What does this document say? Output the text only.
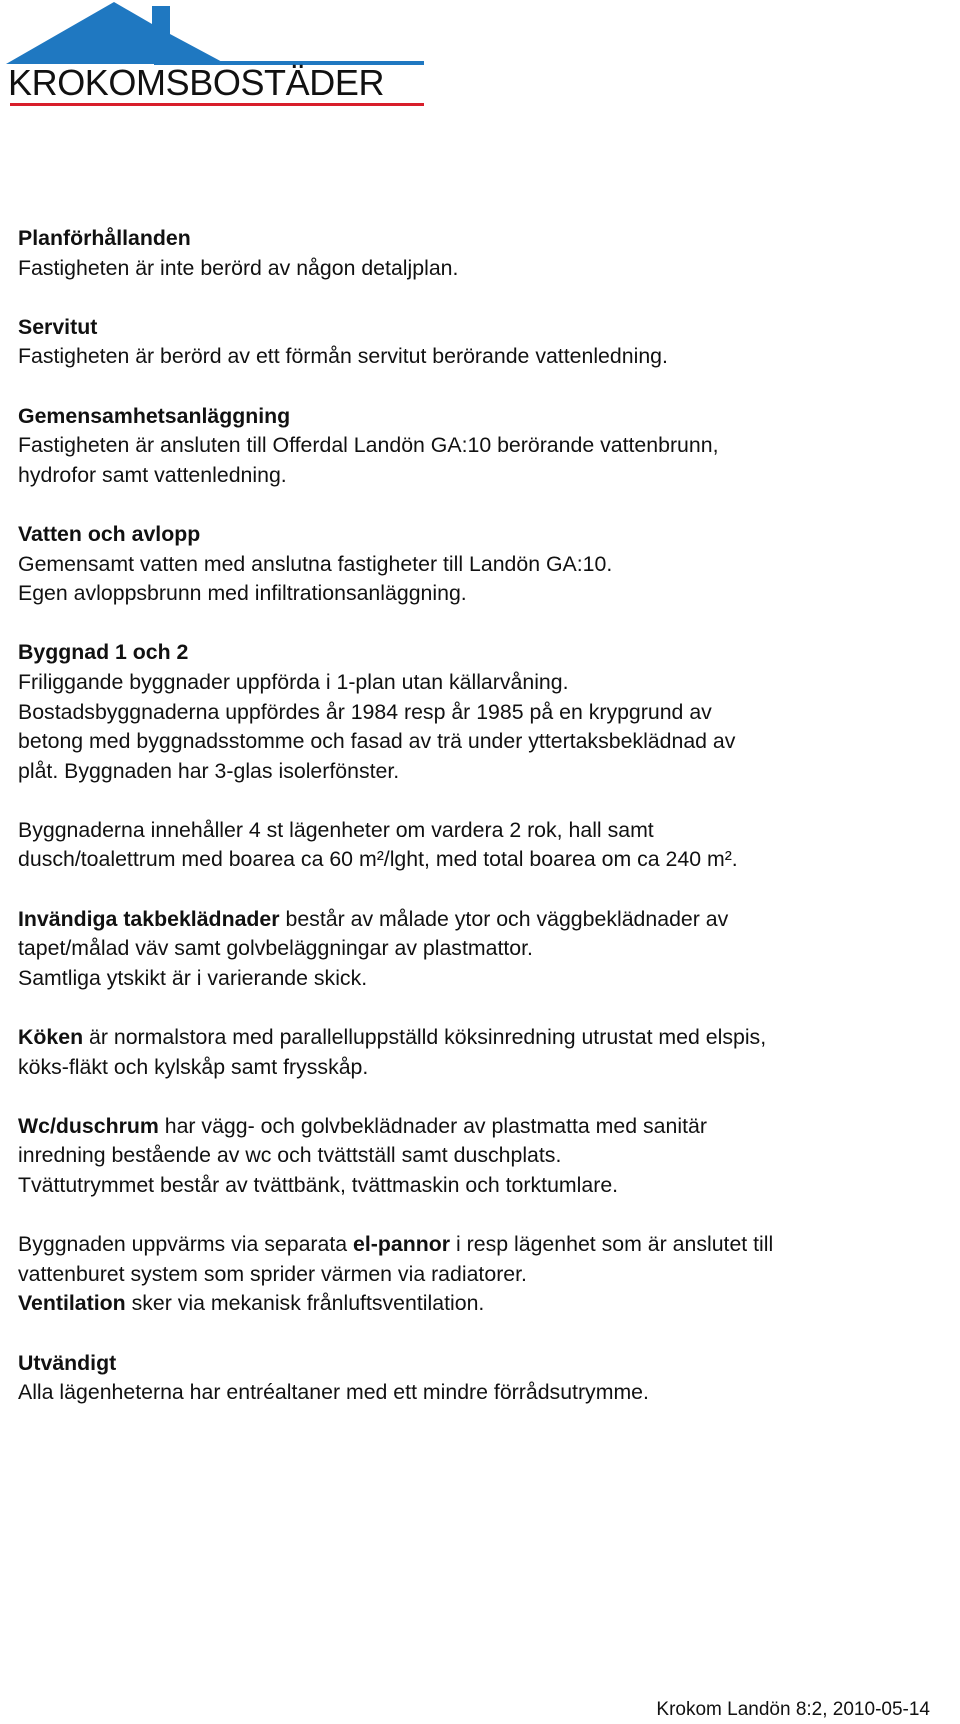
KROKOMSBOSTÄDER

Planförhållanden

Fastigheten är inte berörd av någon detaljplan.

Servitut

Fastigheten är berörd av ett förmån servitut berörande vattenledning.

Gemensamhetsanläggning

Fastigheten är ansluten till Offerdal Landön GA:10 berörande vattenbrunn,

hydrofor samt vattenledning.

Vatten och avlopp

Gemensamt vatten med anslutna fastigheter till Landön GA:10.

Egen avloppsbrunn med infiltrationsanläggning.

Byggnad 1 och 2

Friliggande byggnader uppförda i 1-plan utan källarvåning.

Bostadsbyggnaderna uppfördes år 1984 resp år 1985 på en krypgrund av

betong med byggnadsstomme och fasad av trä under yttertaksbeklädnad av

plåt. Byggnaden har 3-glas isolerfönster.

Byggnaderna innehåller 4 st lägenheter om vardera 2 rok, hall samt

dusch/toalettrum med boarea ca 60 m²/lght, med total boarea om ca 240 m².

Invändiga takbeklädnader består av målade ytor och väggbeklädnader av

tapet/målad väv samt golvbeläggningar av plastmattor.

Samtliga ytskikt är i varierande skick.

Köken är normalstora med parallelluppställd köksinredning utrustat med elspis,

köks-fläkt och kylskåp samt frysskåp.

Wc/duschrum har vägg- och golvbeklädnader av plastmatta med sanitär

inredning bestående av wc och tvättställ samt duschplats.

Tvättutrymmet består av tvättbänk, tvättmaskin och torktumlare.

Byggnaden uppvärms via separata el-pannor i resp lägenhet som är anslutet till

vattenburet system som sprider värmen via radiatorer.

Ventilation sker via mekanisk frånluftsventilation.

Utvändigt

Alla lägenheterna har entréaltaner med ett mindre förrådsutrymme.

Krokom Landön 8:2, 2010-05-14
